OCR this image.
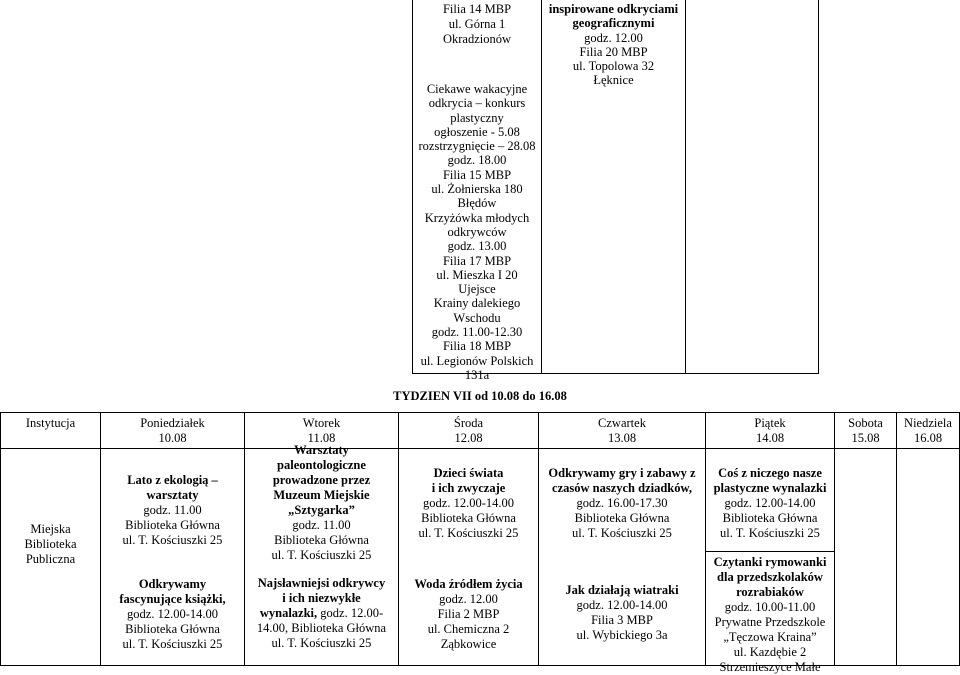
Filia 14 MBP
ul. Górna 1
Okradzionów
Ciekawe wakacyjne
odkrycia – konkurs
plastyczny
ogłoszenie - 5.08
rozstrzygnięcie – 28.08
godz. 18.00
Filia 15 MBP
ul. Żołnierska 180
Błędów
Krzyżówka młodych
odkrywców
godz. 13.00
Filia 17 MBP
ul. Mieszka I 20
Ujejsce
Krainy dalekiego
Wschodu
godz. 11.00-12.30
Filia 18 MBP
ul. Legionów Polskich
131a
inspirowane odkryciami
geograficznymi
godz. 12.00
Filia 20 MBP
ul. Topolowa 32
Łęknice
TYDZIEN VII od 10.08 do 16.08
Instytucja	Poniedziałek
10.08
Wtorek
11.08
Środa
12.08
Czwartek
13.08
Piątek
14.08
Sobota
15.08
Niedziela
16.08
Miejska
Biblioteka
Publiczna
Lato z ekologią – warsztaty
godz. 11.00
Biblioteka Główna
ul. T. Kościuszki 25
Odkrywamy
fascynujące książki,
godz. 12.00-14.00
Biblioteka Główna
ul. T. Kościuszki 25
Warsztaty
paleontologiczne
prowadzone przez
Muzeum Miejskie
„Sztygarka”
godz. 11.00
Biblioteka Główna
ul. T. Kościuszki 25
Najsławniejsi odkrywcy
i ich niezwykłe
wynalazki, godz. 12.00-
14.00, Biblioteka Główna
ul. T. Kościuszki 25
Dzieci świata
i ich zwyczaje
godz. 12.00-14.00
Biblioteka Główna
ul. T. Kościuszki 25
Woda źródłem życia
godz. 12.00
Filia 2 MBP
ul. Chemiczna 2
Ząbkowice
Odkrywamy gry i zabawy z
czasów naszych dziadków,
godz. 16.00-17.30
Biblioteka Główna
ul. T. Kościuszki 25
Jak działają wiatraki
godz. 12.00-14.00
Filia 3 MBP
ul. Wybickiego 3a
Coś z niczego nasze
plastyczne wynalazki
godz. 12.00-14.00
Biblioteka Główna
ul. T. Kościuszki 25
Czytanki rymowanki
dla przedszkolaków
rozrabiaków
godz. 10.00-11.00
Prywatne Przedszkole
„Tęczowa Kraina”
ul. Kazdębie 2
Strzemieszyce Małe
